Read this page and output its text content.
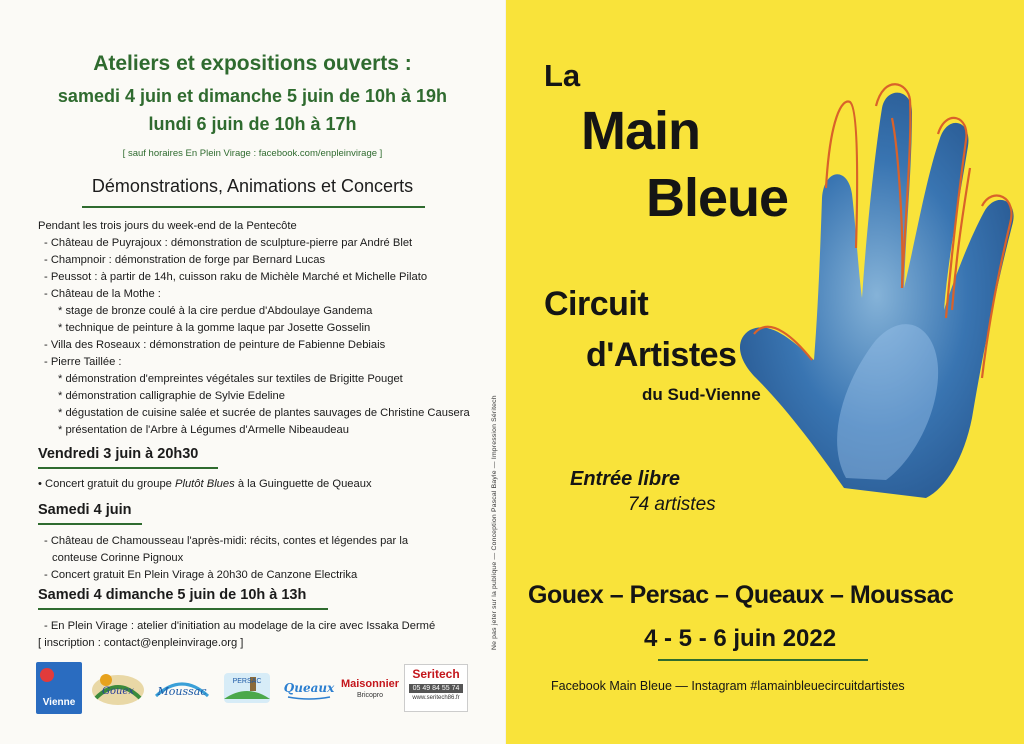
Ateliers et expositions ouverts :
samedi 4 juin et dimanche 5 juin de 10h à 19h
lundi 6 juin de 10h à 17h
[ sauf horaires En Plein Virage : facebook.com/enpleinvirage ]
Démonstrations, Animations et Concerts
Pendant les trois jours du week-end de la Pentecôte
- Château de Puyrajoux : démonstration de sculpture-pierre par André Blet
- Champnoir : démonstration de forge par Bernard Lucas
- Peussot : à partir de 14h, cuisson raku de Michèle Marché et Michelle Pilato
- Château de la Mothe :
* stage de bronze coulé à la cire perdue d'Abdoulaye Gandema
* technique de peinture à la gomme laque par Josette Gosselin
- Villa des Roseaux : démonstration de peinture de Fabienne Debiais
- Pierre Taillée :
* démonstration d'empreintes végétales sur textiles de Brigitte Pouget
* démonstration calligraphie de Sylvie Edeline
* dégustation de cuisine salée et sucrée de plantes sauvages de Christine Causera
* présentation de l'Arbre à Légumes d'Armelle Nibeaudeau
Vendredi 3 juin à 20h30
• Concert gratuit du groupe Plutôt Blues à la Guinguette de Queaux
Samedi 4 juin
- Château de Chamousseau l'après-midi: récits, contes et légendes par la
conteuse Corinne Pignoux
- Concert gratuit En Plein Virage à 20h30 de Canzone Electrika
Samedi 4 dimanche 5 juin de 10h à 13h
- En Plein Virage : atelier d'initiation au modelage de la cire avec Issaka Dermé
[ inscription : contact@enpleinvirage.org ]
Vienne
Gouex Moussac
PERSAC Queaux Maisonnier
Bricopro
Seritech
05 49 84 55 74
www.seritech86.fr
Ne pas jeter sur la publique — Conception Pascal Bayle — Impression Séritech
La
Main
Bleue
Circuit
d'Artistes
du Sud-Vienne
Entrée libre
74 artistes
Gouex – Persac – Queaux – Moussac
4 - 5 - 6 juin 2022
Facebook Main Bleue — Instagram #lamainbleuecircuitdartistes
